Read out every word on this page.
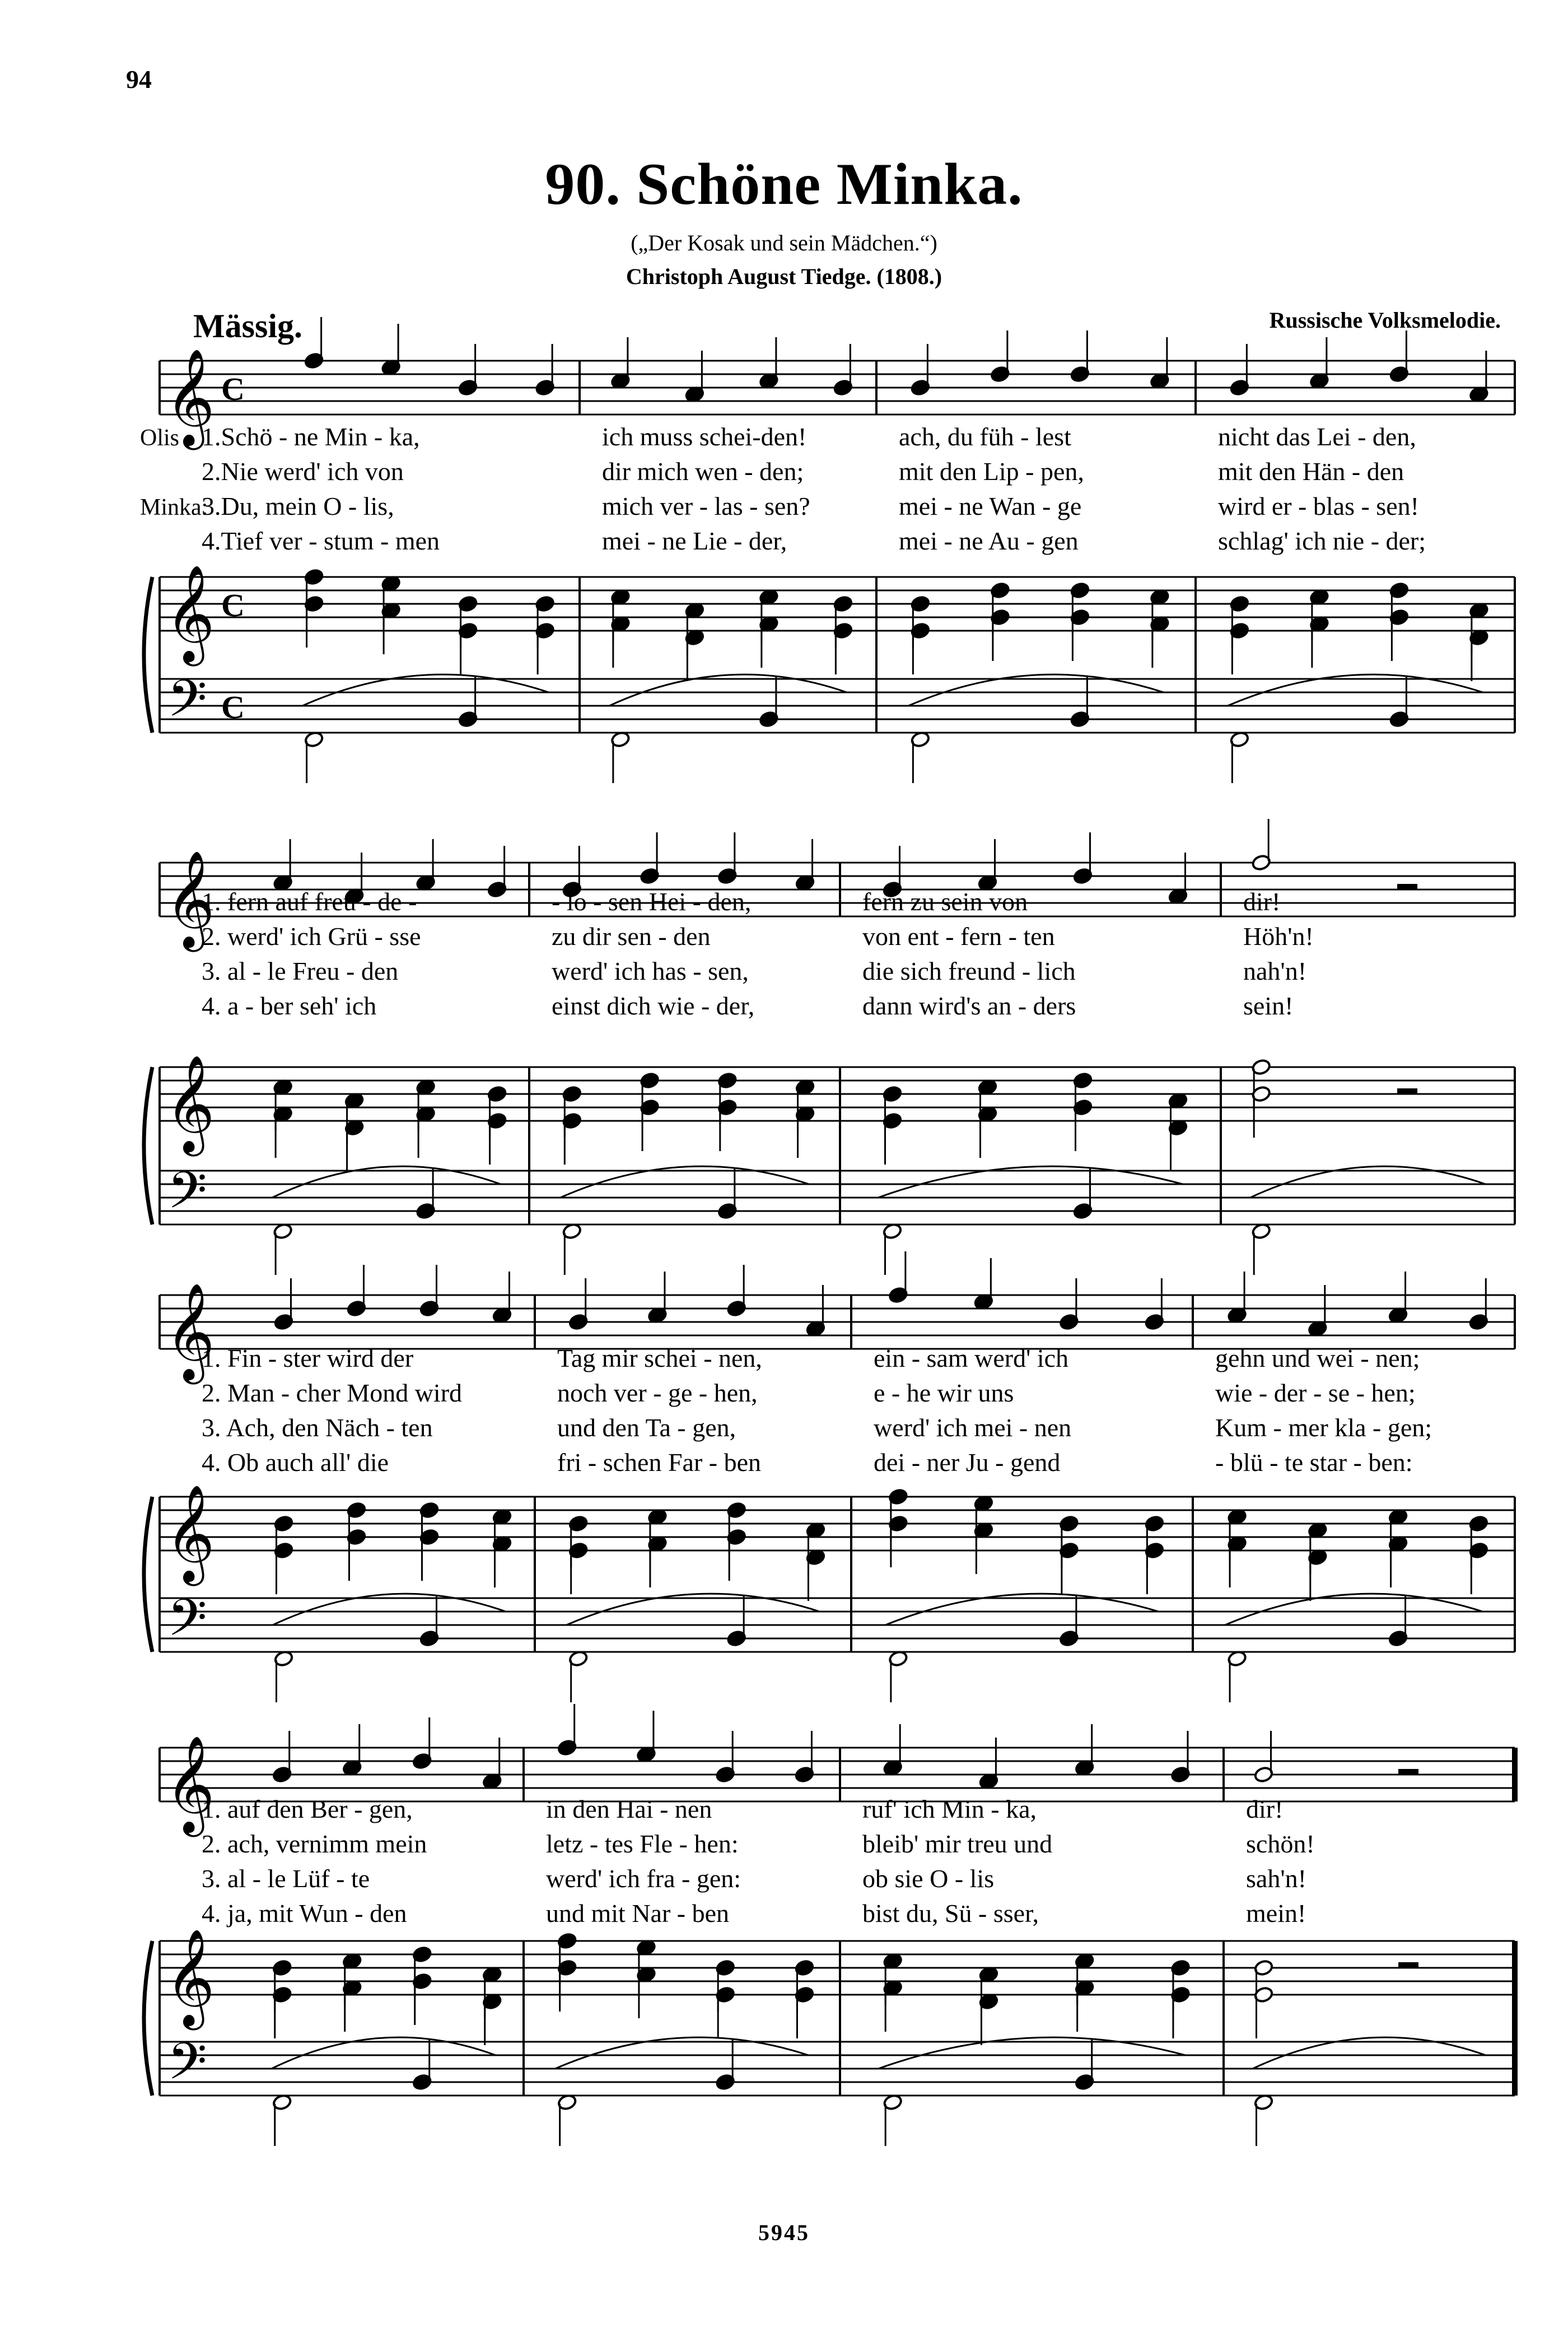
94
90. Schöne Minka.
(„Der Kosak und sein Mädchen.“)
Christoph August Tiedge. (1808.)
Mässig.	Russische Volksmelodie.
𝄞
𝄞
𝄢
C
C
C
Olis 1.Schö - ne Min - ka,	ich muss schei-den!	ach, du füh - lest	nicht das Lei - den,
2.Nie werd' ich von	dir mich wen - den;	mit den Lip - pen,	mit den Hän - den
Minka:
3.Du, mein O - lis,	mich ver - las - sen?	mei - ne Wan - ge	wird er - blas - sen!
4.Tief ver - stum - men	mei - ne Lie - der,	mei - ne Au - gen	schlag' ich nie - der;
𝄞
𝄞
𝄢
1. fern auf freu - de -	- lo - sen Hei - den,	fern zu sein von	dir!
2. werd' ich Grü - sse	zu dir sen - den	von ent - fern - ten	Höh'n!
3. al - le Freu - den	werd' ich has - sen,	die sich freund - lich	nah'n!
4. a - ber seh' ich	einst dich wie - der,	dann wird's an - ders	sein!
𝄞
𝄞
𝄢
1. Fin - ster wird der	Tag mir schei - nen,	ein - sam werd' ich	gehn und wei - nen;
2. Man - cher Mond wird	noch ver - ge - hen,	e - he wir uns	wie - der - se - hen;
3. Ach, den Näch - ten	und den Ta - gen,	werd' ich mei - nen	Kum - mer kla - gen;
4. Ob auch all' die	fri - schen Far - ben	dei - ner Ju - gend	- blü - te star - ben:
𝄞
𝄞
𝄢
1. auf den Ber - gen,	in den Hai - nen	ruf' ich Min - ka,	dir!
2. ach, vernimm mein	letz - tes Fle - hen:	bleib' mir treu und	schön!
3. al - le Lüf - te	werd' ich fra - gen:	ob sie O - lis	sah'n!
4. ja, mit Wun - den	und mit Nar - ben	bist du, Sü - sser,	mein!
5945
